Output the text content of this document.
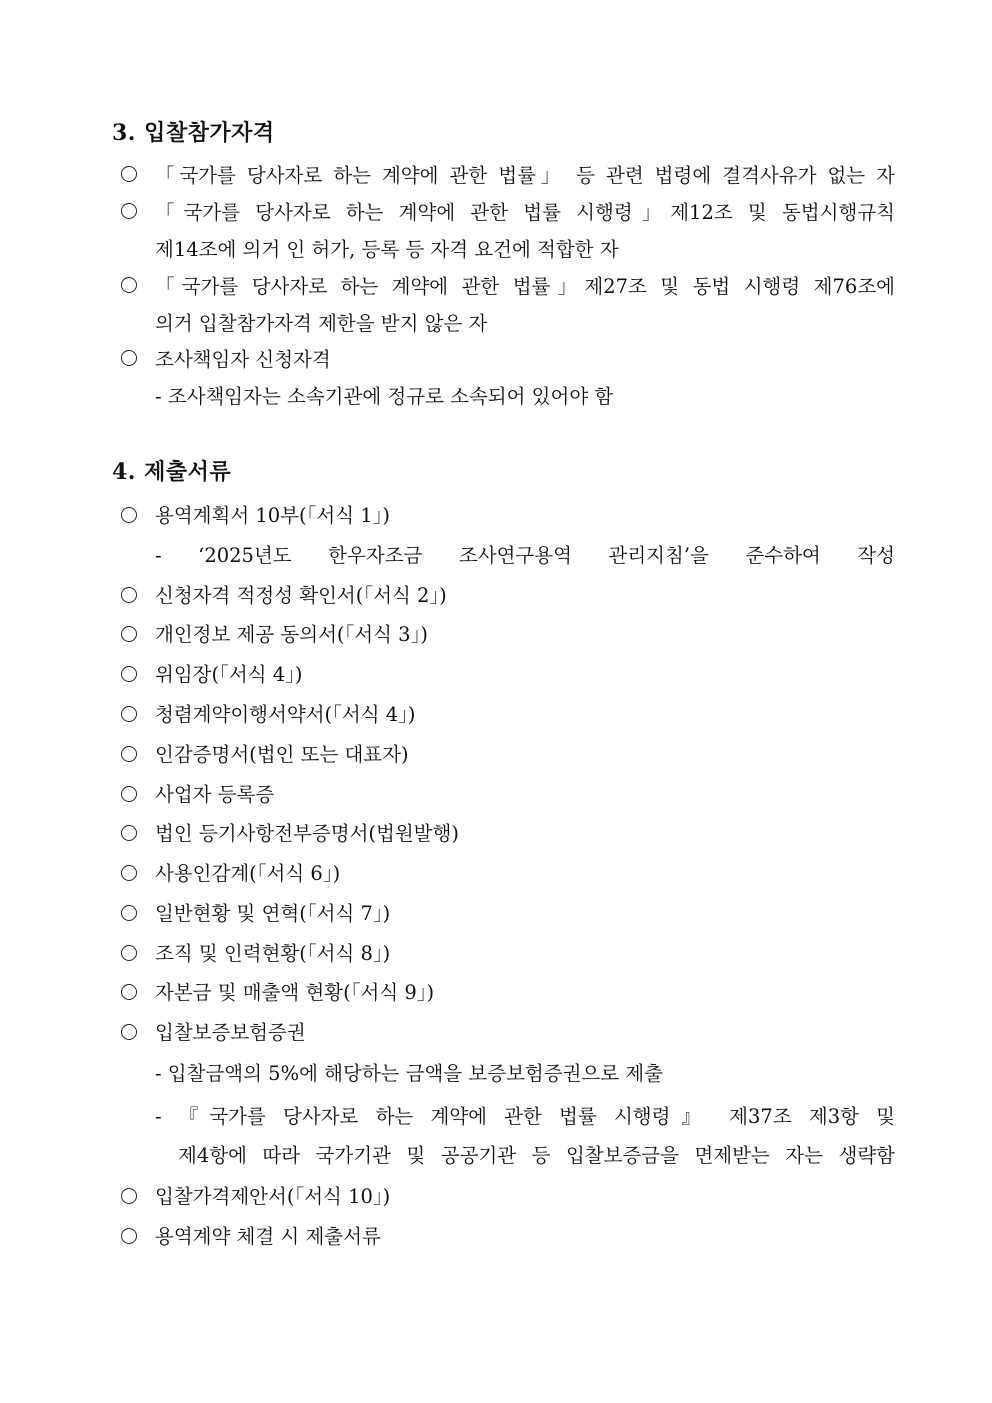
3. 입찰참가자격
「국가를 당사자로 하는 계약에 관한 법률」 등 관련 법령에 결격사유가 없는 자
「국가를 당사자로 하는 계약에 관한 법률 시행령」제12조 및 동법시행규칙
제14조에 의거 인 허가, 등록 등 자격 요건에 적합한 자
「국가를 당사자로 하는 계약에 관한 법률」제27조 및 동법 시행령 제76조에
의거 입찰참가자격 제한을 받지 않은 자
조사책임자 신청자격
- 조사책임자는 소속기관에 정규로 소속되어 있어야 함
4. 제출서류
용역계획서 10부(「서식 1」)
- ‘2025년도 한우자조금 조사연구용역 관리지침’을 준수하여 작성
신청자격 적정성 확인서(「서식 2」)
개인정보 제공 동의서(「서식 3」)
위임장(「서식 4」)
청렴계약이행서약서(「서식 4」)
인감증명서(법인 또는 대표자)
사업자 등록증
법인 등기사항전부증명서(법원발행)
사용인감계(「서식 6」)
일반현황 및 연혁(「서식 7」)
조직 및 인력현황(「서식 8」)
자본금 및 매출액 현황(「서식 9」)
입찰보증보험증권
- 입찰금액의 5%에 해당하는 금액을 보증보험증권으로 제출
- 『국가를 당사자로 하는 계약에 관한 법률 시행령』 제37조 제3항 및
제4항에 따라 국가기관 및 공공기관 등 입찰보증금을 면제받는 자는 생략함
입찰가격제안서(「서식 10」)
용역계약 체결 시 제출서류
